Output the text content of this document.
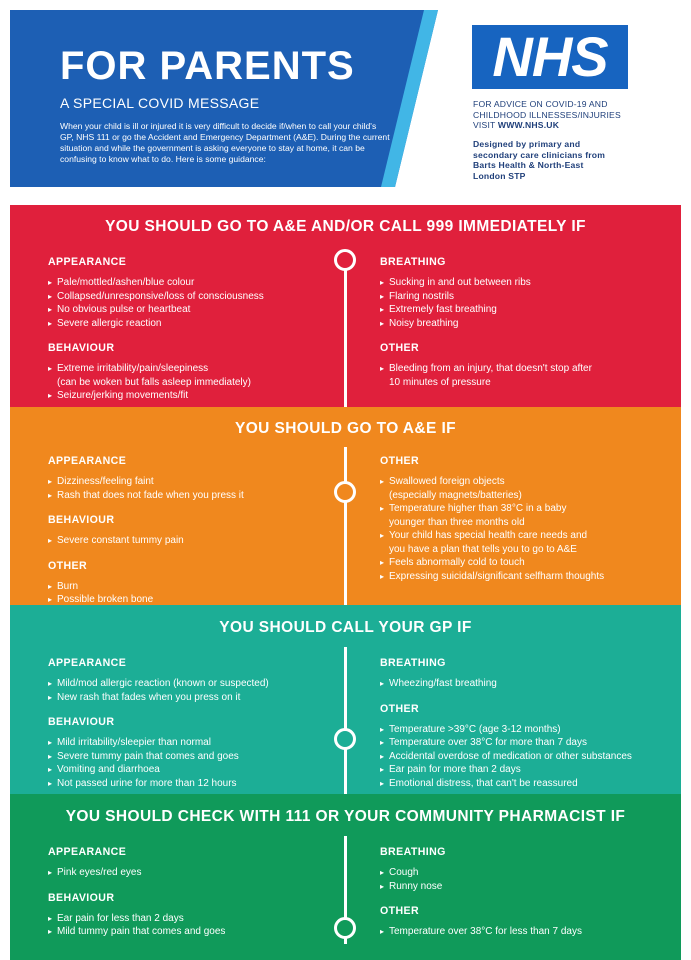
FOR PARENTS
A SPECIAL COVID MESSAGE
When your child is ill or injured it is very difficult to decide if/when to call your child's GP, NHS 111 or go the Accident and Emergency Department (A&E). During the current situation and while the government is asking everyone to stay at home, it can be confusing to know what to do. Here is some guidance:
NHS
FOR ADVICE ON COVID-19 AND
CHILDHOOD ILLNESSES/INJURIES
VISIT WWW.NHS.UK
Designed by primary and
secondary care clinicians from
Barts Health & North-East
London STP
YOU SHOULD GO TO A&E AND/OR CALL 999 IMMEDIATELY IF
APPEARANCE
▸ Pale/mottled/ashen/blue colour
▸ Collapsed/unresponsive/loss of consciousness
▸ No obvious pulse or heartbeat
▸ Severe allergic reaction
BEHAVIOUR
▸ Extreme irritability/pain/sleepiness
(can be woken but falls asleep immediately)
▸ Seizure/jerking movements/fit
BREATHING
▸ Sucking in and out between ribs
▸ Flaring nostrils
▸ Extremely fast breathing
▸ Noisy breathing
OTHER
▸ Bleeding from an injury, that doesn't stop after
10 minutes of pressure
YOU SHOULD GO TO A&E IF
APPEARANCE
▸ Dizziness/feeling faint
▸ Rash that does not fade when you press it
BEHAVIOUR
▸ Severe constant tummy pain
OTHER
▸ Burn
▸ Possible broken bone
OTHER
▸ Swallowed foreign objects
(especially magnets/batteries)
▸ Temperature higher than 38°C in a baby
younger than three months old
▸ Your child has special health care needs and
you have a plan that tells you to go to A&E
▸ Feels abnormally cold to touch
▸ Expressing suicidal/significant selfharm thoughts
YOU SHOULD CALL YOUR GP IF
APPEARANCE
▸ Mild/mod allergic reaction (known or suspected)
▸ New rash that fades when you press on it
BEHAVIOUR
▸ Mild irritability/sleepier than normal
▸ Severe tummy pain that comes and goes
▸ Vomiting and diarrhoea
▸ Not passed urine for more than 12 hours
BREATHING
▸ Wheezing/fast breathing
OTHER
▸ Temperature >39°C (age 3-12 months)
▸ Temperature over 38°C for more than 7 days
▸ Accidental overdose of medication or other substances
▸ Ear pain for more than 2 days
▸ Emotional distress, that can't be reassured
YOU SHOULD CHECK WITH 111 OR YOUR COMMUNITY PHARMACIST IF
APPEARANCE
▸ Pink eyes/red eyes
BEHAVIOUR
▸ Ear pain for less than 2 days
▸ Mild tummy pain that comes and goes
BREATHING
▸ Cough
▸ Runny nose
OTHER
▸ Temperature over 38°C for less than 7 days
